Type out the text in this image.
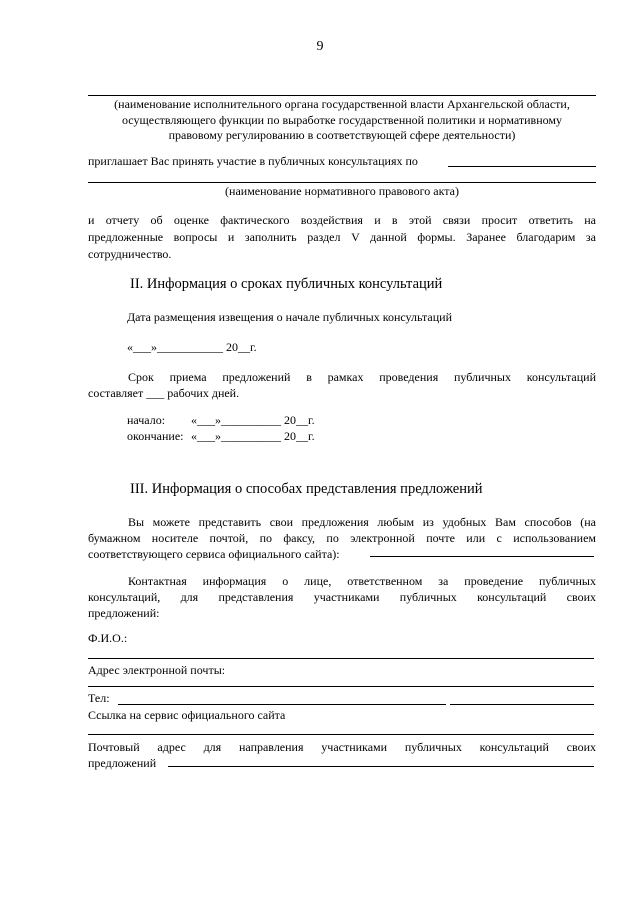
9
(наименование исполнительного органа государственной власти Архангельской области,
осуществляющего функции по выработке государственной политики и нормативному
правовому регулированию в соответствующей сфере деятельности)
приглашает Вас принять участие в публичных консультациях по
(наименование нормативного правового акта)
и отчету об оценке фактического воздействия и в этой связи просит ответить на
предложенные вопросы и заполнить раздел V данной формы. Заранее благодарим за
сотрудничество.
II. Информация о сроках публичных консультаций
Дата размещения извещения о начале публичных консультаций
«___»___________ 20__г.
Срок приема предложений в рамках проведения публичных консультаций
составляет ___ рабочих дней.
начало: «___»__________ 20__г.
окончание: «___»__________ 20__г.
III. Информация о способах представления предложений
Вы можете представить свои предложения любым из удобных Вам способов (на
бумажном носителе почтой, по факсу, по электронной почте или с использованием
соответствующего сервиса официального сайта):
Контактная информация о лице, ответственном за проведение публичных
консультаций, для представления участниками публичных консультаций своих
предложений:
Ф.И.О.:
Адрес электронной почты:
Тел:
Ссылка на сервис официального сайта
Почтовый адрес для направления участниками публичных консультаций своих
предложений
